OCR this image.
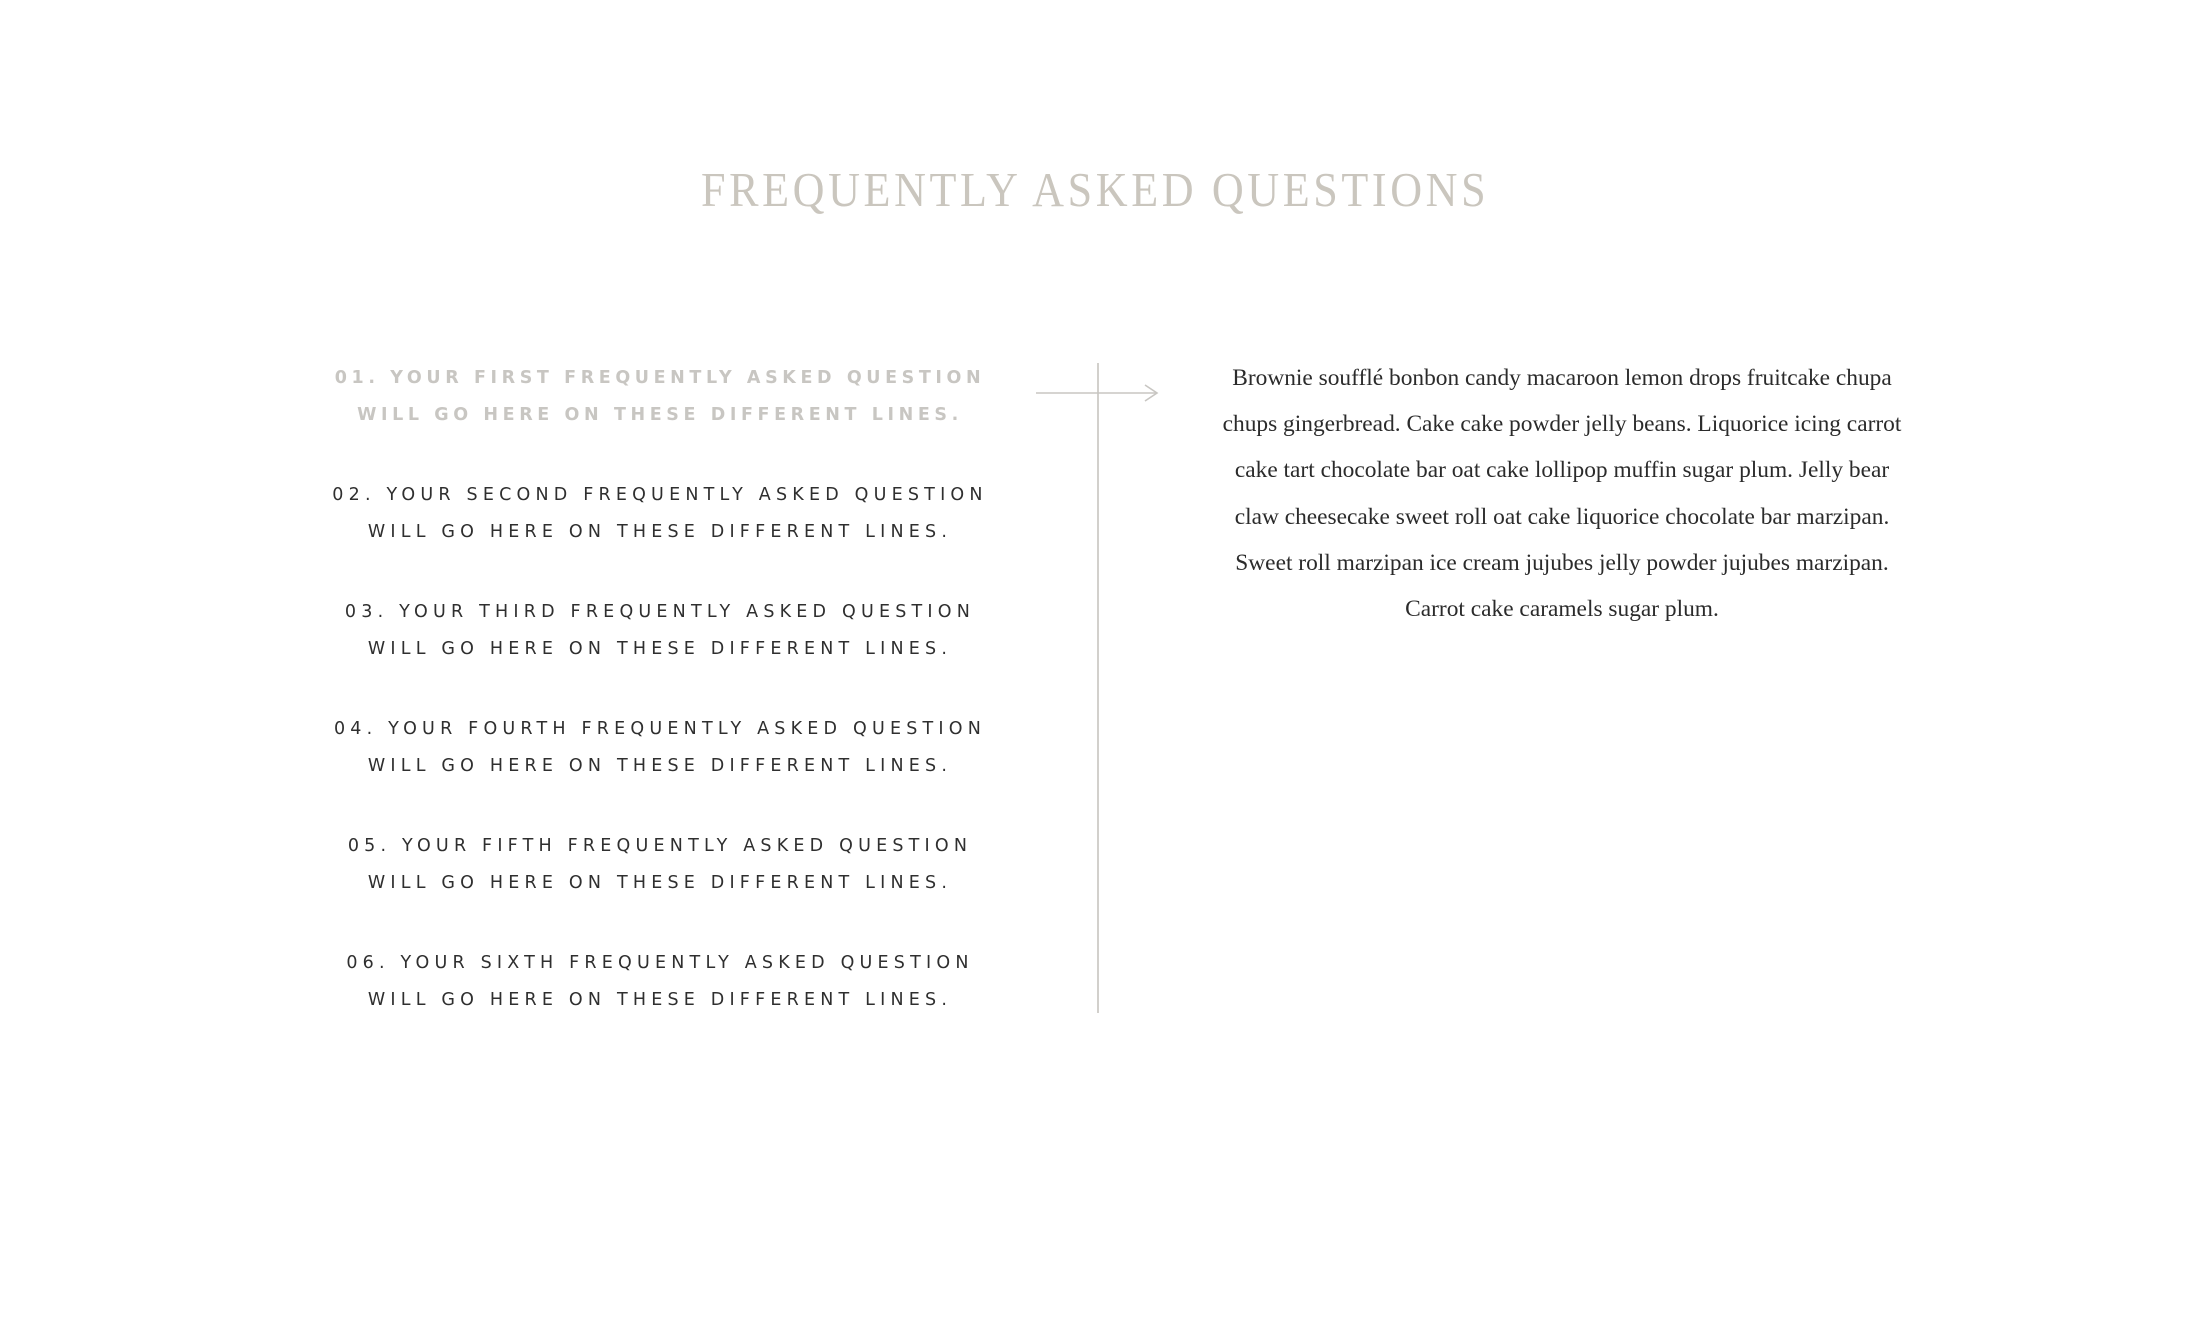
FREQUENTLY ASKED QUESTIONS
01. YOUR FIRST FREQUENTLY ASKED QUESTION
WILL GO HERE ON THESE DIFFERENT LINES.
02. YOUR SECOND FREQUENTLY ASKED QUESTION
WILL GO HERE ON THESE DIFFERENT LINES.
03. YOUR THIRD FREQUENTLY ASKED QUESTION
WILL GO HERE ON THESE DIFFERENT LINES.
04. YOUR FOURTH FREQUENTLY ASKED QUESTION
WILL GO HERE ON THESE DIFFERENT LINES.
05. YOUR FIFTH FREQUENTLY ASKED QUESTION
WILL GO HERE ON THESE DIFFERENT LINES.
06. YOUR SIXTH FREQUENTLY ASKED QUESTION
WILL GO HERE ON THESE DIFFERENT LINES.

Brownie soufflé bonbon candy macaroon lemon drops fruitcake chupa chups gingerbread. Cake cake powder jelly beans. Liquorice icing carrot cake tart chocolate bar oat cake lollipop muffin sugar plum. Jelly bear claw cheesecake sweet roll oat cake liquorice chocolate bar marzipan. Sweet roll marzipan ice cream jujubes jelly powder jujubes marzipan. Carrot cake caramels sugar plum.
